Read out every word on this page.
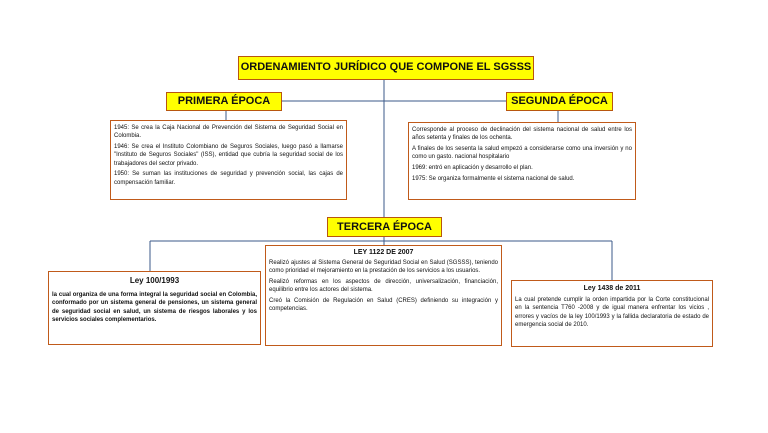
ORDENAMIENTO JURÍDICO QUE COMPONE EL SGSSS
PRIMERA ÉPOCA	SEGUNDA ÉPOCA

1945: Se crea la Caja Nacional de Prevención del Sistema de Seguridad Social en Colombia.

1946: Se crea el Instituto Colombiano de Seguros Sociales, luego pasó a llamarse "Instituto de Seguros Sociales" (ISS), entidad que cubría la seguridad social de los trabajadores del sector privado.

1950: Se suman las instituciones de seguridad y prevención social, las cajas de compensación familiar.

Corresponde al proceso de declinación del sistema nacional de salud entre los años setenta y finales de los ochenta.

A finales de los sesenta la salud empezó a considerarse como una inversión y no como un gasto. nacional hospitalario

1969: entró en aplicación y desarrollo el plan.

1975: Se organiza formalmente el sistema nacional de salud.

TERCERA ÉPOCA
LEY 1122 DE 2007

Realizó ajustes al Sistema General de Seguridad Social en Salud (SGSSS), teniendo como prioridad el mejoramiento en la prestación de los servicios a los usuarios.

Realizó reformas en los aspectos de dirección, universalización, financiación, equilibrio entre los actores del sistema.

Creó la Comisión de Regulación en Salud (CRES) definiendo su integración y competencias.

Ley 100/1993

la cual organiza de una forma integral la seguridad social en Colombia, conformado por un sistema general de pensiones, un sistema general de seguridad social en salud, un sistema de riesgos laborales y los servicios sociales complementarios.

Ley 1438 de 2011

La cual pretende cumplir la orden impartida por la Corte constitucional en la sentencia T760 -2008 y de igual manera enfrentar los vicios , errores y vacíos de la ley 100/1993 y la fallida declaratoria de estado de emergencia social de 2010.
